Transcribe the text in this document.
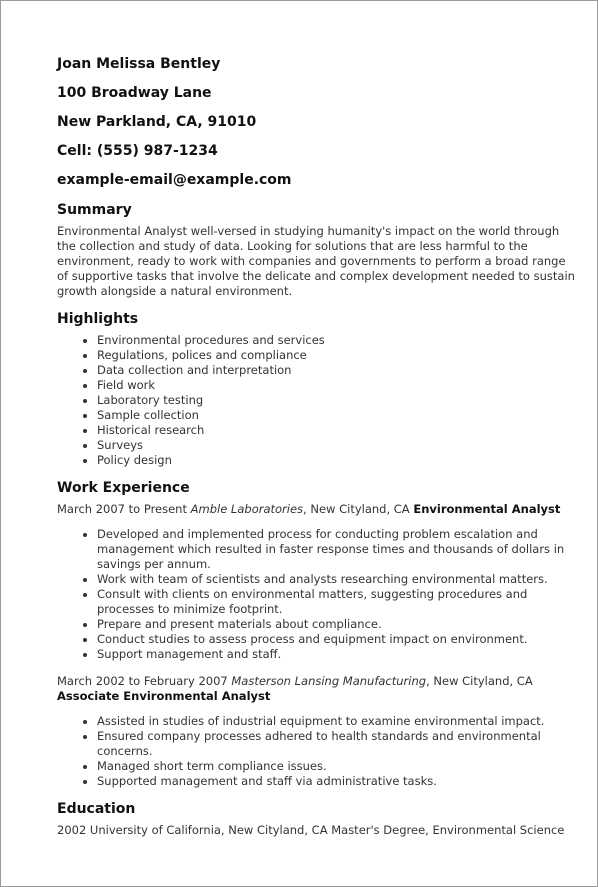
Joan Melissa Bentley
100 Broadway Lane
New Parkland, CA, 91010
Cell: (555) 987-1234
example-email@example.com
Summary

Environmental Analyst well-versed in studying humanity's impact on the world through the collection and study of data. Looking for solutions that are less harmful to the environment, ready to work with companies and governments to perform a broad range of supportive tasks that involve the delicate and complex development needed to sustain growth alongside a natural environment.

Highlights
• Environmental procedures and services
• Regulations, polices and compliance
• Data collection and interpretation
• Field work
• Laboratory testing
• Sample collection
• Historical research
• Surveys
• Policy design
Work Experience
March 2007 to Present Amble Laboratories, New Cityland, CA Environmental Analyst
• Developed and implemented process for conducting problem escalation and management which resulted in faster response times and thousands of dollars in savings per annum.
• Work with team of scientists and analysts researching environmental matters.
• Consult with clients on environmental matters, suggesting procedures and processes to minimize footprint.
• Prepare and present materials about compliance.
• Conduct studies to assess process and equipment impact on environment.
• Support management and staff.
March 2002 to February 2007 Masterson Lansing Manufacturing, New Cityland, CA Associate Environmental Analyst
• Assisted in studies of industrial equipment to examine environmental impact.
• Ensured company processes adhered to health standards and environmental concerns.
• Managed short term compliance issues.
• Supported management and staff via administrative tasks.
Education
2002 University of California, New Cityland, CA Master's Degree, Environmental Science
